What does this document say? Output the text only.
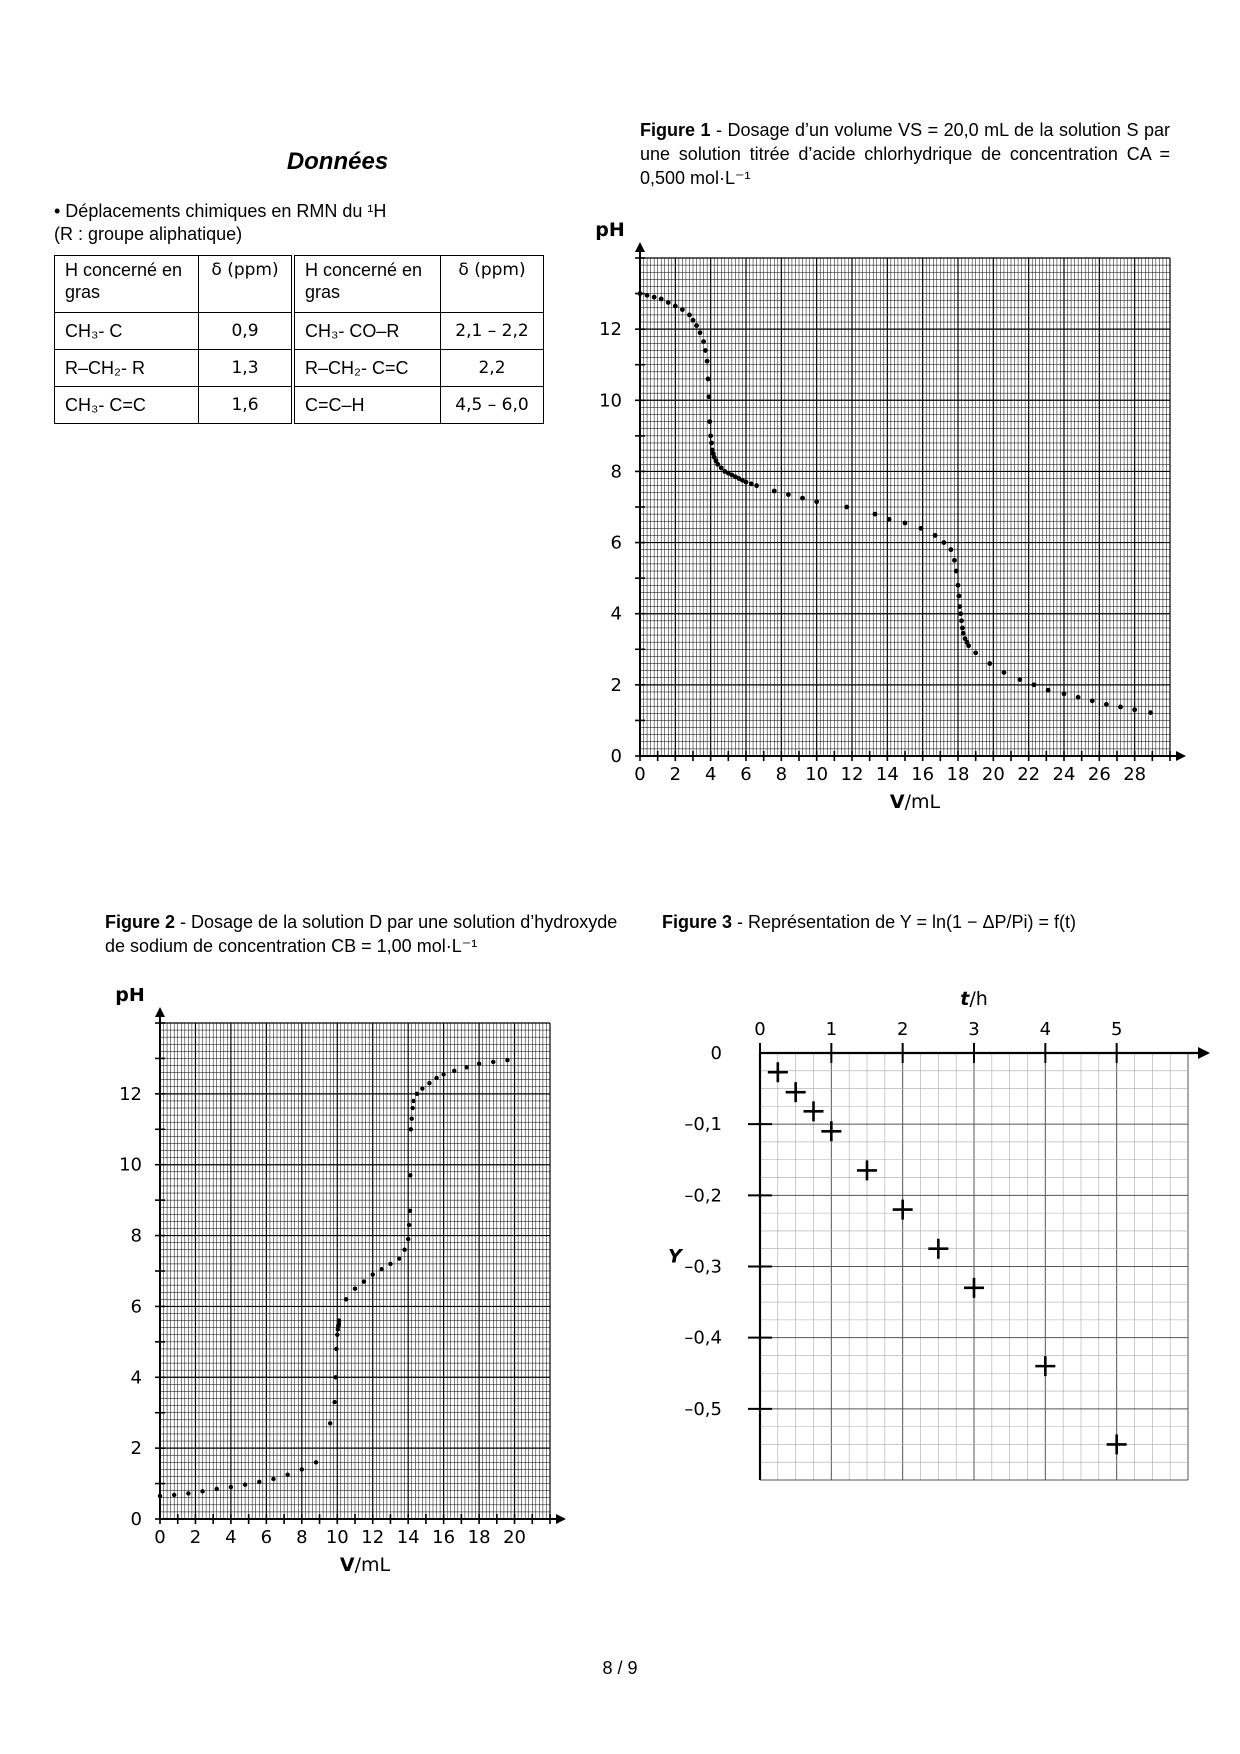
Données
• Déplacements chimiques en RMN du ¹H
(R : groupe aliphatique)
H concerné en gras	δ (ppm)	H concerné en gras	δ (ppm)
CH₃- C	0,9	CH₃- CO–R	2,1 – 2,2
R–CH₂- R	1,3	R–CH₂- C=C	2,2
CH₃- C=C	1,6	C=C–H	4,5 – 6,0
Figure 1 - Dosage d’un volume VS = 20,0 mL de la solution S par une solution titrée d’acide chlorhydrique de concentration CA = 0,500 mol·L⁻¹
Figure 2 - Dosage de la solution D par une solution d’hydroxyde de sodium de concentration CB = 1,00 mol·L⁻¹
Figure 3 - Représentation de Y = ln(1 − ΔP/Pi) = f(t)
0 2 4 6 8 10 12 14 16 18 20 22 24 26 28
0
2
4
6
8
10
12
V/mL
pH
0 2 4 6 8 10 12 14 16 18 20
0
2
4
6
8
10
12
V/mL
pH
0	1	2	3	4	5
0
–0,1
–0,2
–0,3
–0,4
–0,5
t/h
Y
8 / 9
